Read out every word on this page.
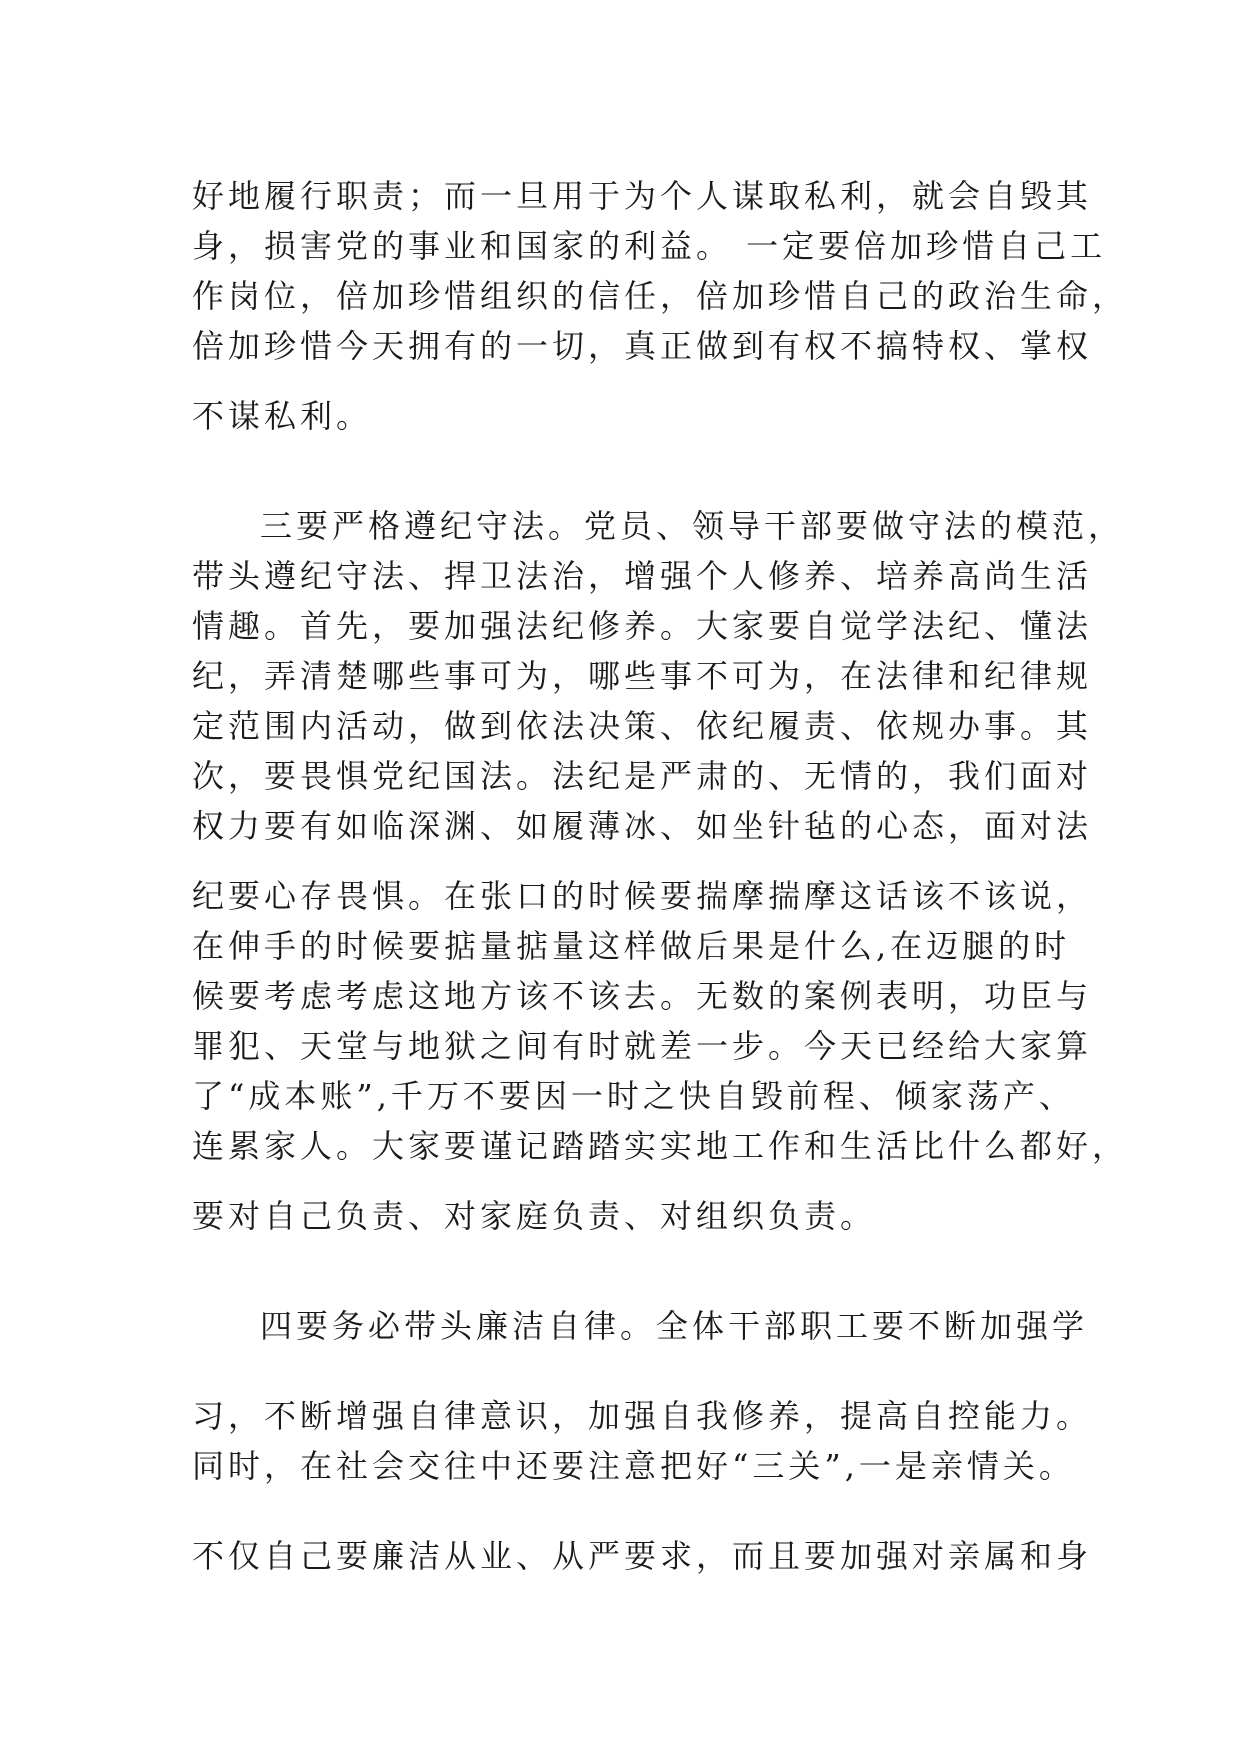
好地履行职责；而一旦用于为个人谋取私利，就会自毁其
身，损害党的事业和国家的利益。 一定要倍加珍惜自己工
作岗位，倍加珍惜组织的信任，倍加珍惜自己的政治生命，
倍加珍惜今天拥有的一切，真正做到有权不搞特权、掌权
不谋私利。
三要严格遵纪守法。党员、领导干部要做守法的模范，
带头遵纪守法、捍卫法治，增强个人修养、培养高尚生活
情趣。首先，要加强法纪修养。大家要自觉学法纪、懂法
纪，弄清楚哪些事可为，哪些事不可为，在法律和纪律规
定范围内活动，做到依法决策、依纪履责、依规办事。其
次，要畏惧党纪国法。法纪是严肃的、无情的，我们面对
权力要有如临深渊、如履薄冰、如坐针毡的心态，面对法
纪要心存畏惧。在张口的时候要揣摩揣摩这话该不该说，
在伸手的时候要掂量掂量这样做后果是什么,在迈腿的时
候要考虑考虑这地方该不该去。无数的案例表明，功臣与
罪犯、天堂与地狱之间有时就差一步。今天已经给大家算
了“成本账”,千万不要因一时之快自毁前程、倾家荡产、
连累家人。大家要谨记踏踏实实地工作和生活比什么都好，
要对自己负责、对家庭负责、对组织负责。
四要务必带头廉洁自律。全体干部职工要不断加强学
习，不断增强自律意识，加强自我修养，提高自控能力。
同时，在社会交往中还要注意把好“三关”,一是亲情关。
不仅自己要廉洁从业、从严要求，而且要加强对亲属和身
